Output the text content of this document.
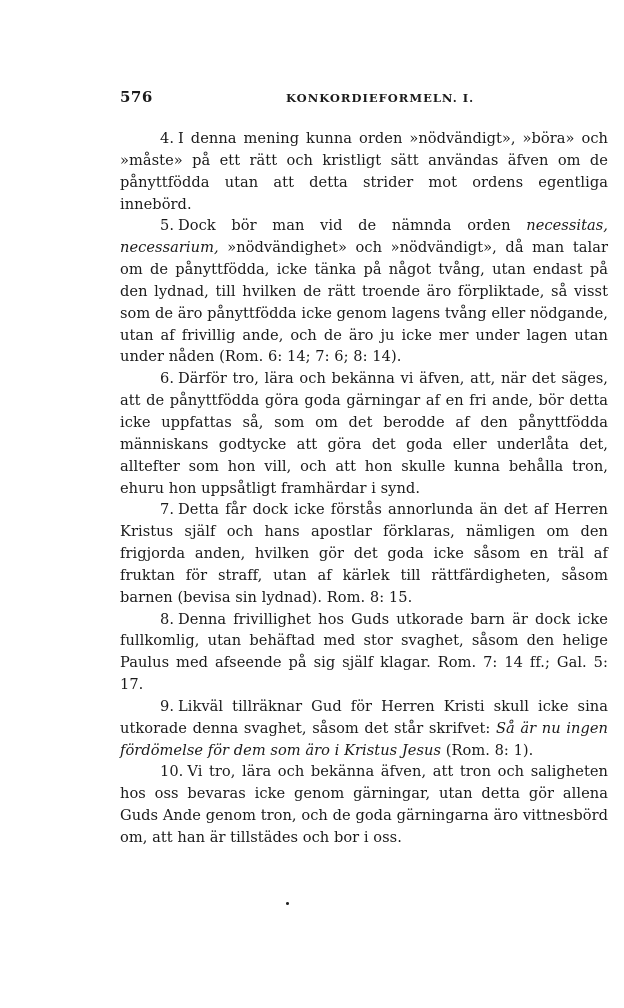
576	KONKORDIEFORMELN. I.

4. I denna mening kunna orden »nödvändigt», »böra» och »måste» på ett rätt och kristligt sätt användas äfven om de pånyttfödda utan att detta strider mot ordens egentliga innebörd.

5. Dock bör man vid de nämnda orden necessitas, necessarium, »nödvändighet» och »nödvändigt», då man talar om de pånyttfödda, icke tänka på något tvång, utan endast på den lydnad, till hvilken de rätt troende äro förpliktade, så visst som de äro pånyttfödda icke genom lagens tvång eller nödgande, utan af frivillig ande, och de äro ju icke mer under lagen utan under nåden (Rom. 6: 14; 7: 6; 8: 14).

6. Därför tro, lära och bekänna vi äfven, att, när det säges, att de pånyttfödda göra goda gärningar af en fri ande, bör detta icke uppfattas så, som om det berodde af den pånyttfödda människans godtycke att göra det goda eller underlåta det, alltefter som hon vill, och att hon skulle kunna behålla tron, ehuru hon uppsåtligt framhärdar i synd.

7. Detta får dock icke förstås annorlunda än det af Herren Kristus själf och hans apostlar förklaras, nämligen om den frigjorda anden, hvilken gör det goda icke såsom en träl af fruktan för straff, utan af kärlek till rättfärdigheten, såsom barnen (bevisa sin lydnad). Rom. 8: 15.

8. Denna frivillighet hos Guds utkorade barn är dock icke fullkomlig, utan behäftad med stor svaghet, såsom den helige Paulus med afseende på sig själf klagar. Rom. 7: 14 ff.; Gal. 5: 17.

9. Likväl tillräknar Gud för Herren Kristi skull icke sina utkorade denna svaghet, såsom det står skrifvet: Så är nu ingen fördömelse för dem som äro i Kristus Jesus (Rom. 8: 1).

10. Vi tro, lära och bekänna äfven, att tron och saligheten hos oss bevaras icke genom gärningar, utan detta gör allena Guds Ande genom tron, och de goda gärningarna äro vittnesbörd om, att han är tillstädes och bor i oss.
